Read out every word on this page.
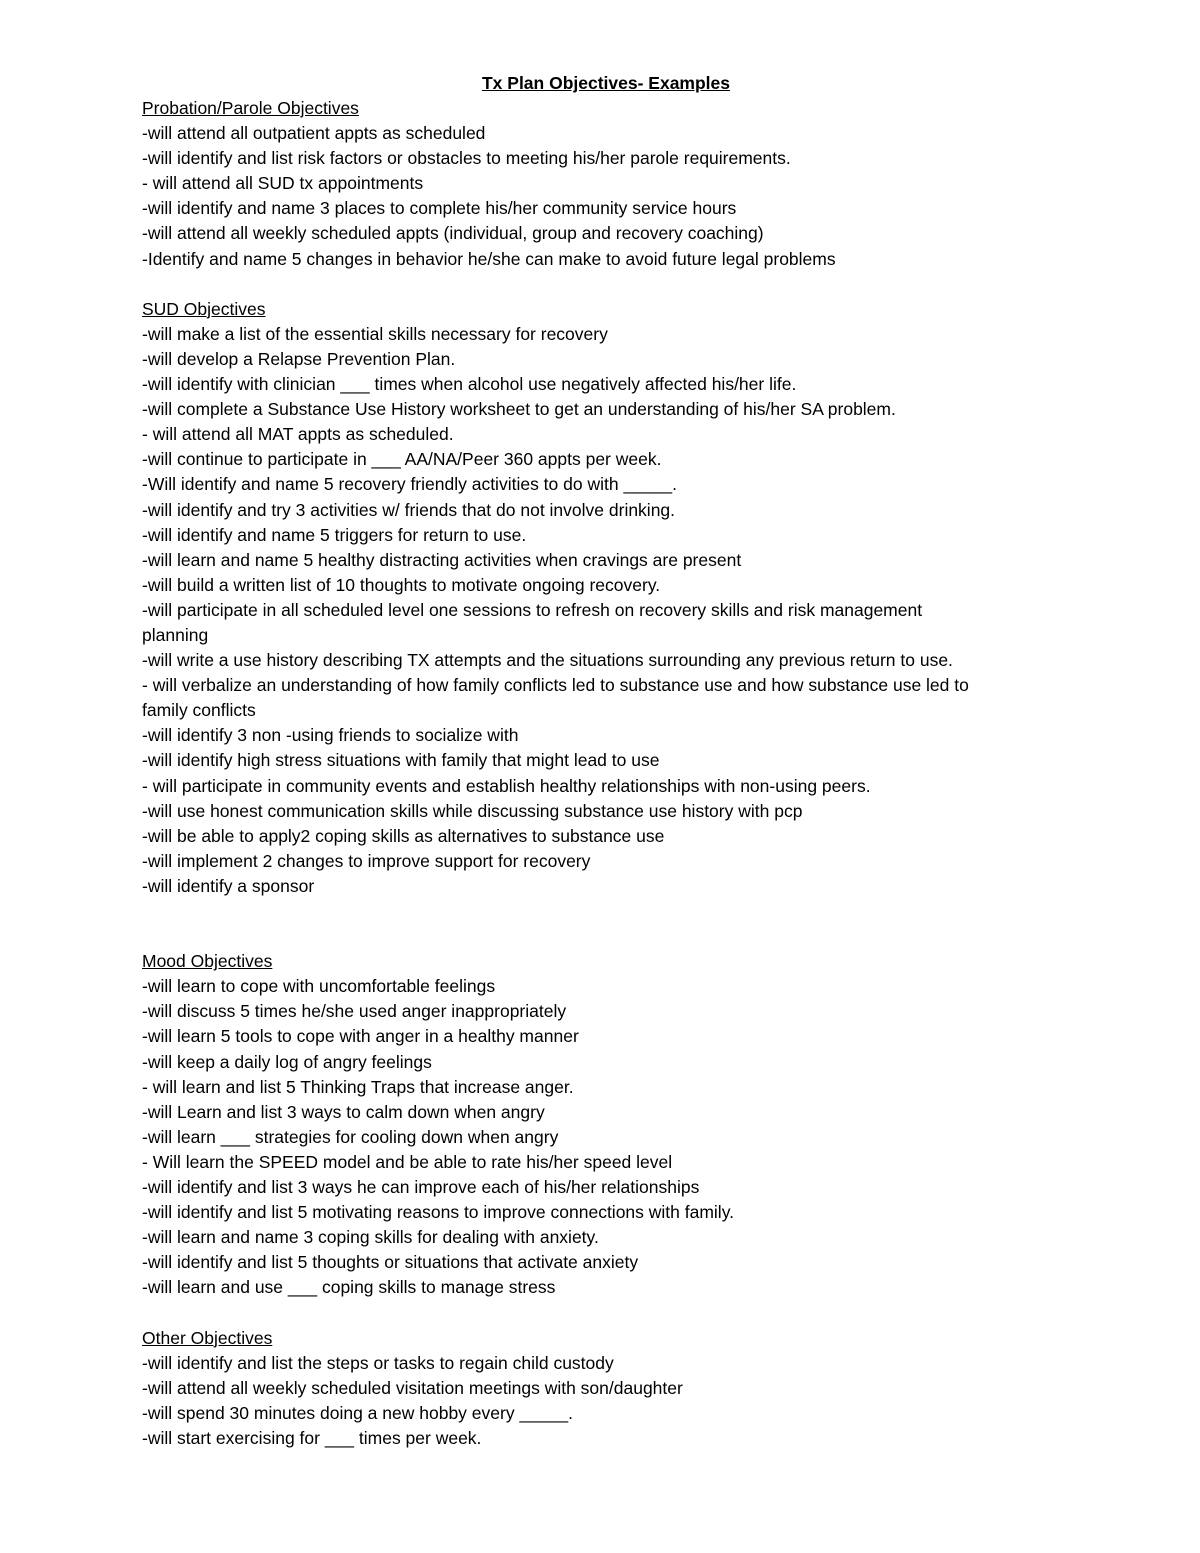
Tx Plan Objectives- Examples

Probation/Parole Objectives

-will attend all outpatient appts as scheduled

-will identify and list risk factors or obstacles to meeting his/her parole requirements.

- will attend all SUD tx appointments

-will identify and name 3 places to complete his/her community service hours

-will attend all weekly scheduled appts (individual, group and recovery coaching)

-Identify and name 5 changes in behavior he/she can make to avoid future legal problems

SUD Objectives

-will make a list of the essential skills necessary for recovery

-will develop a Relapse Prevention Plan.

-will identify with clinician ___ times when alcohol use negatively affected his/her life.

-will complete a Substance Use History worksheet to get an understanding of his/her SA problem.

- will attend all MAT appts as scheduled.

-will continue to participate in ___ AA/NA/Peer 360 appts per week.

-Will identify and name 5 recovery friendly activities to do with _____.

-will identify and try 3 activities w/ friends that do not involve drinking.

-will identify and name 5 triggers for return to use.

-will learn and name 5 healthy distracting activities when cravings are present

-will build a written list of 10 thoughts to motivate ongoing recovery.

-will participate in all scheduled level one sessions to refresh on recovery skills and risk management
planning

-will write a use history describing TX attempts and the situations surrounding any previous return to use.

- will verbalize an understanding of how family conflicts led to substance use and how substance use led to
family conflicts

-will identify 3 non -using friends to socialize with

-will identify high stress situations with family that might lead to use

- will participate in community events and establish healthy relationships with non-using peers.

-will use honest communication skills while discussing substance use history with pcp

-will be able to apply2 coping skills as alternatives to substance use

-will implement 2 changes to improve support for recovery

-will identify a sponsor

Mood Objectives

-will learn to cope with uncomfortable feelings

-will discuss 5 times he/she used anger inappropriately

-will learn 5 tools to cope with anger in a healthy manner

-will keep a daily log of angry feelings

- will learn and list 5 Thinking Traps that increase anger.

-will Learn and list 3 ways to calm down when angry

-will learn ___ strategies for cooling down when angry

- Will learn the SPEED model and be able to rate his/her speed level

-will identify and list 3 ways he can improve each of his/her relationships

-will identify and list 5 motivating reasons to improve connections with family.

-will learn and name 3 coping skills for dealing with anxiety.

-will identify and list 5 thoughts or situations that activate anxiety

-will learn and use ___ coping skills to manage stress

Other Objectives

-will identify and list the steps or tasks to regain child custody

-will attend all weekly scheduled visitation meetings with son/daughter

-will spend 30 minutes doing a new hobby every _____.

-will start exercising for ___ times per week.
